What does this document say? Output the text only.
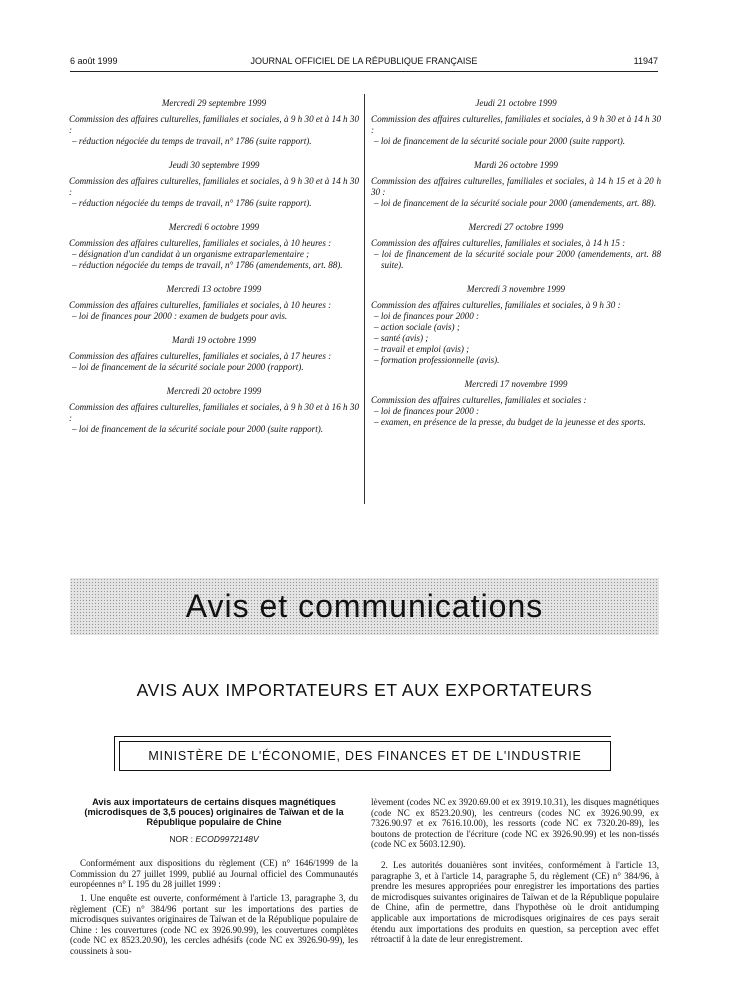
6 août 1999	JOURNAL OFFICIEL DE LA RÉPUBLIQUE FRANÇAISE	11947
Mercredi 29 septembre 1999
Commission des affaires culturelles, familiales et sociales, à 9 h 30 et à 14 h 30 :
– réduction négociée du temps de travail, n° 1786 (suite rapport).
Jeudi 30 septembre 1999
Commission des affaires culturelles, familiales et sociales, à 9 h 30 et à 14 h 30 :
– réduction négociée du temps de travail, n° 1786 (suite rapport).
Mercredi 6 octobre 1999
Commission des affaires culturelles, familiales et sociales, à 10 heures :
– désignation d'un candidat à un organisme extraparlementaire ;
– réduction négociée du temps de travail, n° 1786 (amendements, art. 88).
Mercredi 13 octobre 1999
Commission des affaires culturelles, familiales et sociales, à 10 heures :
– loi de finances pour 2000 : examen de budgets pour avis.
Mardi 19 octobre 1999
Commission des affaires culturelles, familiales et sociales, à 17 heures :
– loi de financement de la sécurité sociale pour 2000 (rapport).
Mercredi 20 octobre 1999
Commission des affaires culturelles, familiales et sociales, à 9 h 30 et à 16 h 30 :
– loi de financement de la sécurité sociale pour 2000 (suite rapport).
Jeudi 21 octobre 1999
Commission des affaires culturelles, familiales et sociales, à 9 h 30 et à 14 h 30 :
– loi de financement de la sécurité sociale pour 2000 (suite rapport).
Mardi 26 octobre 1999
Commission des affaires culturelles, familiales et sociales, à 14 h 15 et à 20 h 30 :
– loi de financement de la sécurité sociale pour 2000 (amendements, art. 88).
Mercredi 27 octobre 1999
Commission des affaires culturelles, familiales et sociales, à 14 h 15 :
– loi de financement de la sécurité sociale pour 2000 (amendements, art. 88 suite).
Mercredi 3 novembre 1999
Commission des affaires culturelles, familiales et sociales, à 9 h 30 :
– loi de finances pour 2000 :
– action sociale (avis) ;
– santé (avis) ;
– travail et emploi (avis) ;
– formation professionnelle (avis).
Mercredi 17 novembre 1999
Commission des affaires culturelles, familiales et sociales :
– loi de finances pour 2000 :
– examen, en présence de la presse, du budget de la jeunesse et des sports.
Avis et communications
AVIS AUX IMPORTATEURS ET AUX EXPORTATEURS
MINISTÈRE DE L'ÉCONOMIE, DES FINANCES ET DE L'INDUSTRIE
Avis aux importateurs de certains disques magnétiques (microdisques de 3,5 pouces) originaires de Taïwan et de la République populaire de Chine
NOR : ECOD9972148V
Conformément aux dispositions du règlement (CE) n° 1646/1999 de la Commission du 27 juillet 1999, publié au Journal officiel des Communautés européennes n° L 195 du 28 juillet 1999 :
1. Une enquête est ouverte, conformément à l'article 13, paragraphe 3, du règlement (CE) n° 384/96 portant sur les importations des parties de microdisques suivantes originaires de Taïwan et de la République populaire de Chine : les couvertures (code NC ex 3926.90.99), les couvertures complètes (code NC ex 8523.20.90), les cercles adhésifs (code NC ex 3926.90-99), les coussinets à sou-
lèvement (codes NC ex 3920.69.00 et ex 3919.10.31), les disques magnétiques (code NC ex 8523.20.90), les centreurs (codes NC ex 3926.90.99, ex 7326.90.97 et ex 7616.10.00), les ressorts (code NC ex 7320.20-89), les boutons de protection de l'écriture (code NC ex 3926.90.99) et les non-tissés (code NC ex 5603.12.90).
2. Les autorités douanières sont invitées, conformément à l'article 13, paragraphe 3, et à l'article 14, paragraphe 5, du règlement (CE) n° 384/96, à prendre les mesures appropriées pour enregistrer les importations des parties de microdisques suivantes originaires de Taïwan et de la République populaire de Chine, afin de permettre, dans l'hypothèse où le droit antidumping applicable aux importations de microdisques originaires de ces pays serait étendu aux importations des produits en question, sa perception avec effet rétroactif à la date de leur enregistrement.
